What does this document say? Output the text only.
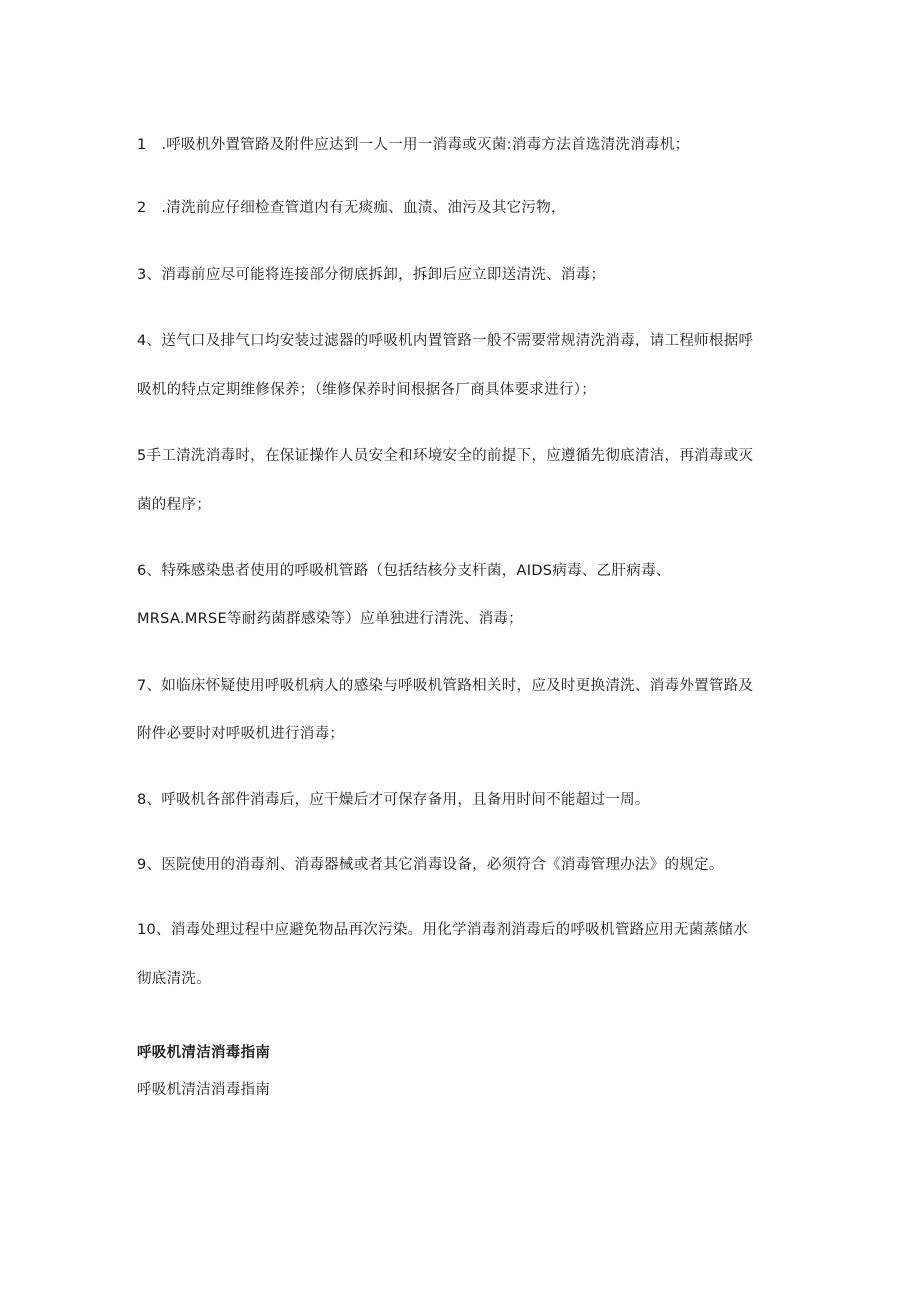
1　.呼吸机外置管路及附件应达到一人一用一消毒或灭菌:消毒方法首选清洗消毒机；
2　.清洗前应仔细检查管道内有无痰痂、血渍、油污及其它污物，
3、消毒前应尽可能将连接部分彻底拆卸，拆卸后应立即送清洗、消毒；
4、送气口及排气口均安装过滤器的呼吸机内置管路一般不需要常规清洗消毒，请工程师根据呼
吸机的特点定期维修保养；（维修保养时间根据各厂商具体要求进行）；
5手工清洗消毒时，在保证操作人员安全和环境安全的前提下，应遵循先彻底清洁，再消毒或灭
菌的程序；
6、特殊感染患者使用的呼吸机管路（包括结核分支杆菌，AIDS病毒、乙肝病毒、
MRSA.MRSE等耐药菌群感染等）应单独进行清洗、消毒；
7、如临床怀疑使用呼吸机病人的感染与呼吸机管路相关时，应及时更换清洗、消毒外置管路及
附件必要时对呼吸机进行消毒；
8、呼吸机各部件消毒后，应干燥后才可保存备用，且备用时间不能超过一周。
9、医院使用的消毒剂、消毒器械或者其它消毒设备，必须符合《消毒管理办法》的规定。
10、消毒处理过程中应避免物品再次污染。用化学消毒剂消毒后的呼吸机管路应用无菌蒸储水
彻底清洗。
呼吸机清洁消毒指南
呼吸机清洁消毒指南
